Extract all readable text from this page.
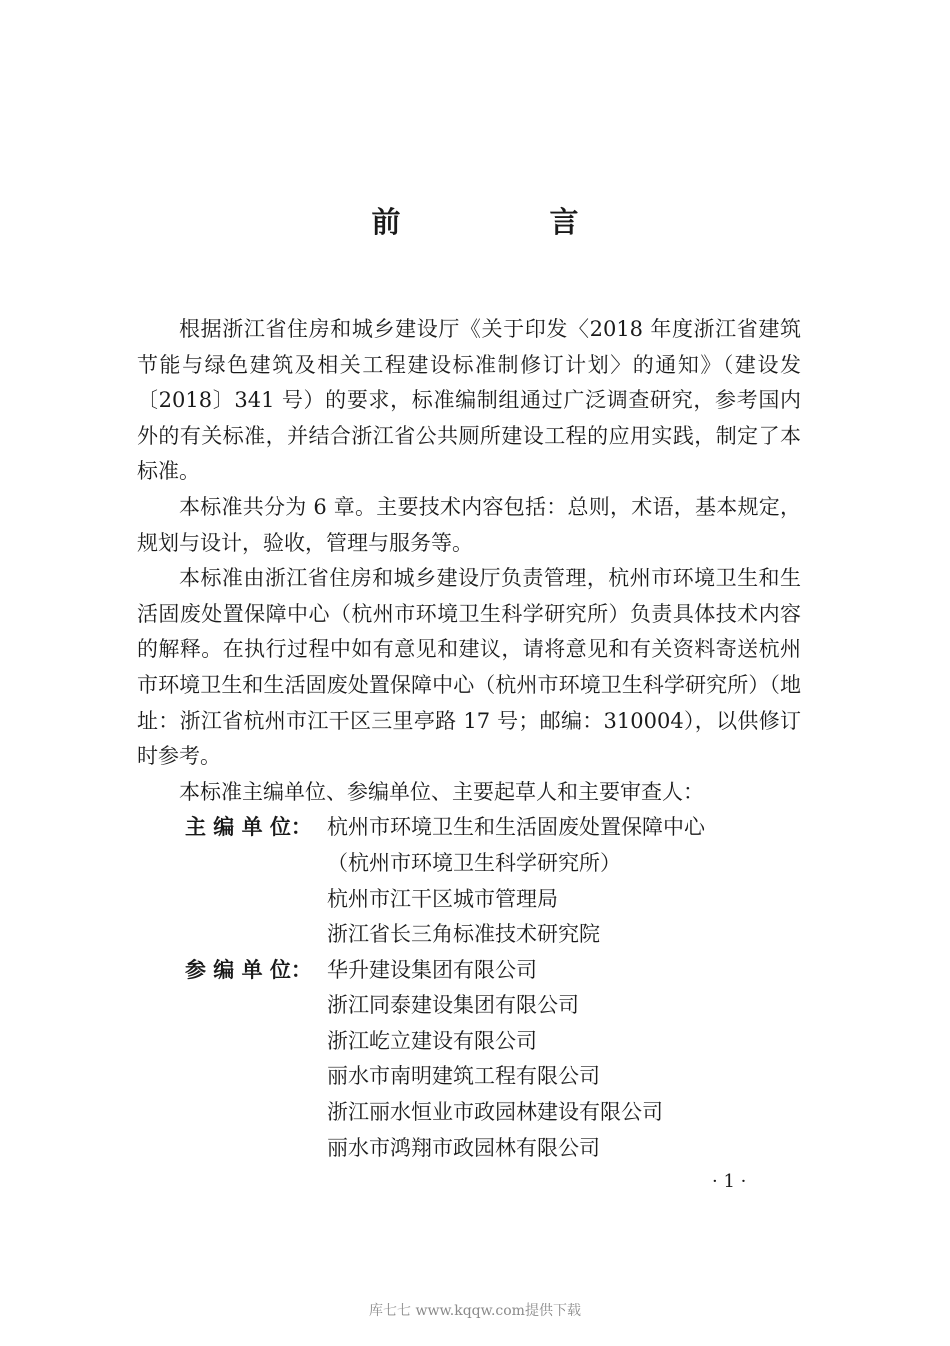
前　言

根据浙江省住房和城乡建设厅《关于印发〈2018 年度浙江省建筑节能与绿色建筑及相关工程建设标准制修订计划〉的通知》（建设发〔2018〕341 号）的要求，标准编制组通过广泛调查研究，参考国内外的有关标准，并结合浙江省公共厕所建设工程的应用实践，制定了本标准。

本标准共分为 6 章。主要技术内容包括：总则，术语，基本规定，规划与设计，验收，管理与服务等。

本标准由浙江省住房和城乡建设厅负责管理，杭州市环境卫生和生活固废处置保障中心（杭州市环境卫生科学研究所）负责具体技术内容的解释。在执行过程中如有意见和建议，请将意见和有关资料寄送杭州市环境卫生和生活固废处置保障中心（杭州市环境卫生科学研究所）（地址：浙江省杭州市江干区三里亭路 17 号；邮编：310004），以供修订时参考。

本标准主编单位、参编单位、主要起草人和主要审查人：

主 编 单 位： 杭州市环境卫生和生活固废处置保障中心
（杭州市环境卫生科学研究所）
杭州市江干区城市管理局
浙江省长三角标准技术研究院
参 编 单 位： 华升建设集团有限公司
浙江同泰建设集团有限公司
浙江屹立建设有限公司
丽水市南明建筑工程有限公司
浙江丽水恒业市政园林建设有限公司
丽水市鸿翔市政园林有限公司
· 1 ·
库七七 www.kqqw.com提供下载
